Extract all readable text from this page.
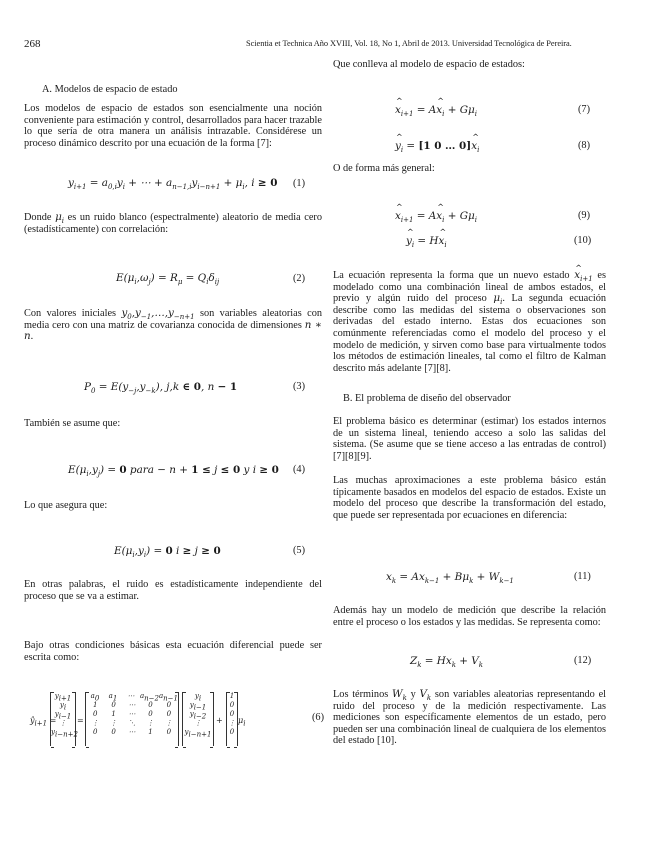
268	Scientia et Technica Año XVIII, Vol. 18, No 1, Abril de 2013. Universidad Tecnológica de Pereira.
A. Modelos de espacio de estado

Los modelos de espacio de estados son esencialmente una noción conveniente para estimación y control, desarrollados para hacer trazable lo que sería de otra manera un análisis intrazable. Considérese un proceso dinámico descrito por una ecuación de la forma [7]:

$y_{i+1} = a_{0,i}y_i$ + ⋯ + $a_{n-1,i}y_{i-n+1} + \mu_i$, i ≥ 0 (1)

Donde $\mu_i$ es un ruido blanco (espectralmente) aleatorio de media cero (estadísticamente) con correlación:

$E(\mu_i,\omega_j) = R_\mu = Q_i\delta_{ij}$	(2)

Con valores iniciales $y_0,y_{-1},\dots,y_{-n+1}$ son variables aleatorias con media cero con una matriz de covarianza conocida de dimensiones n ∗ n.

$P_0 = E(y_{-j},y_{-k})$, j,k ∈ 0, n − 1	(3)

También se asume que:

$E(\mu_i,y_j) = 0$ para − n + 1 ≤ j ≤ 0 y i ≥ 0 (4)

Lo que asegura que:

$E(\mu_i,y_i) = 0$ i ≥ j ≥ 0	(5)

En otras palabras, el ruido es estadísticamente independiente del proceso que se va a estimar.

Bajo otras condiciones básicas esta ecuación diferencial puede ser escrita como:

(6)
$ŷ_{i+1}$ =
$y_{i+1}$
$y_i$
$y_{i-1}$
⋮
$y_{i-n+2}$
=
$a_0$	$a_1$	⋯ $a_{n-2}$ $a_{n-1}$
1	0	⋯	0	0
0	1	⋯	0	0
⋮	⋮	⋱	⋮	⋮
0	0	⋯	1	0
$y_i$
$y_{i-1}$
$y_{i-2}$
⋮
$y_{i-n+1}$
+
1
0
0
⋮
0
$\mu_i$

Que conlleva al modelo de espacio de estados:

^ $x_{i+1}$ = A^ $x_i + G\mu_i$	(7)
^ $y_i = [1$ 0 … 0]^ $x_i$	(8)

O de forma más general:

^ $x_{i+1}$ = A^ $x_i + G\mu_i$	(9)
^ $y_i$ = H^ $x_i$	(10)

La ecuación representa la forma que un nuevo estado ^ $x_{i+1}$ es modelado como una combinación lineal de ambos estados, el previo y algún ruido del proceso $\mu_i$. La segunda ecuación describe como las medidas del sistema o observaciones son derivadas del estado interno. Estas dos ecuaciones son comúnmente referenciadas como el modelo del proceso y el modelo de medición, y sirven como base para virtualmente todos los métodos de estimación lineales, tal como el filtro de Kalman descrito más adelante [7][8].

B. El problema de diseño del observador

El problema básico es determinar (estimar) los estados internos de un sistema lineal, teniendo acceso a solo las salidas del sistema. (Se asume que se tiene acceso a las entradas de control) [7][8][9].

Las muchas aproximaciones a este problema básico están típicamente basados en modelos del espacio de estados. Existe un modelo del proceso que describe la transformación del estado, que puede ser representada por ecuaciones en diferencia:

$x_k = Ax_{k-1} + B\mu_k + W_{k-1}$	(11)

Además hay un modelo de medición que describe la relación entre el proceso o los estados y las medidas. Se representa como:

$Z_k = Hx_k + V_k$	(12)

Los términos $W_k$ y $V_k$ son variables aleatorias representando el ruido del proceso y de la medición respectivamente. Las mediciones son específicamente elementos de un estado, pero pueden ser una combinación lineal de cualquiera de los elementos del estado [10].
